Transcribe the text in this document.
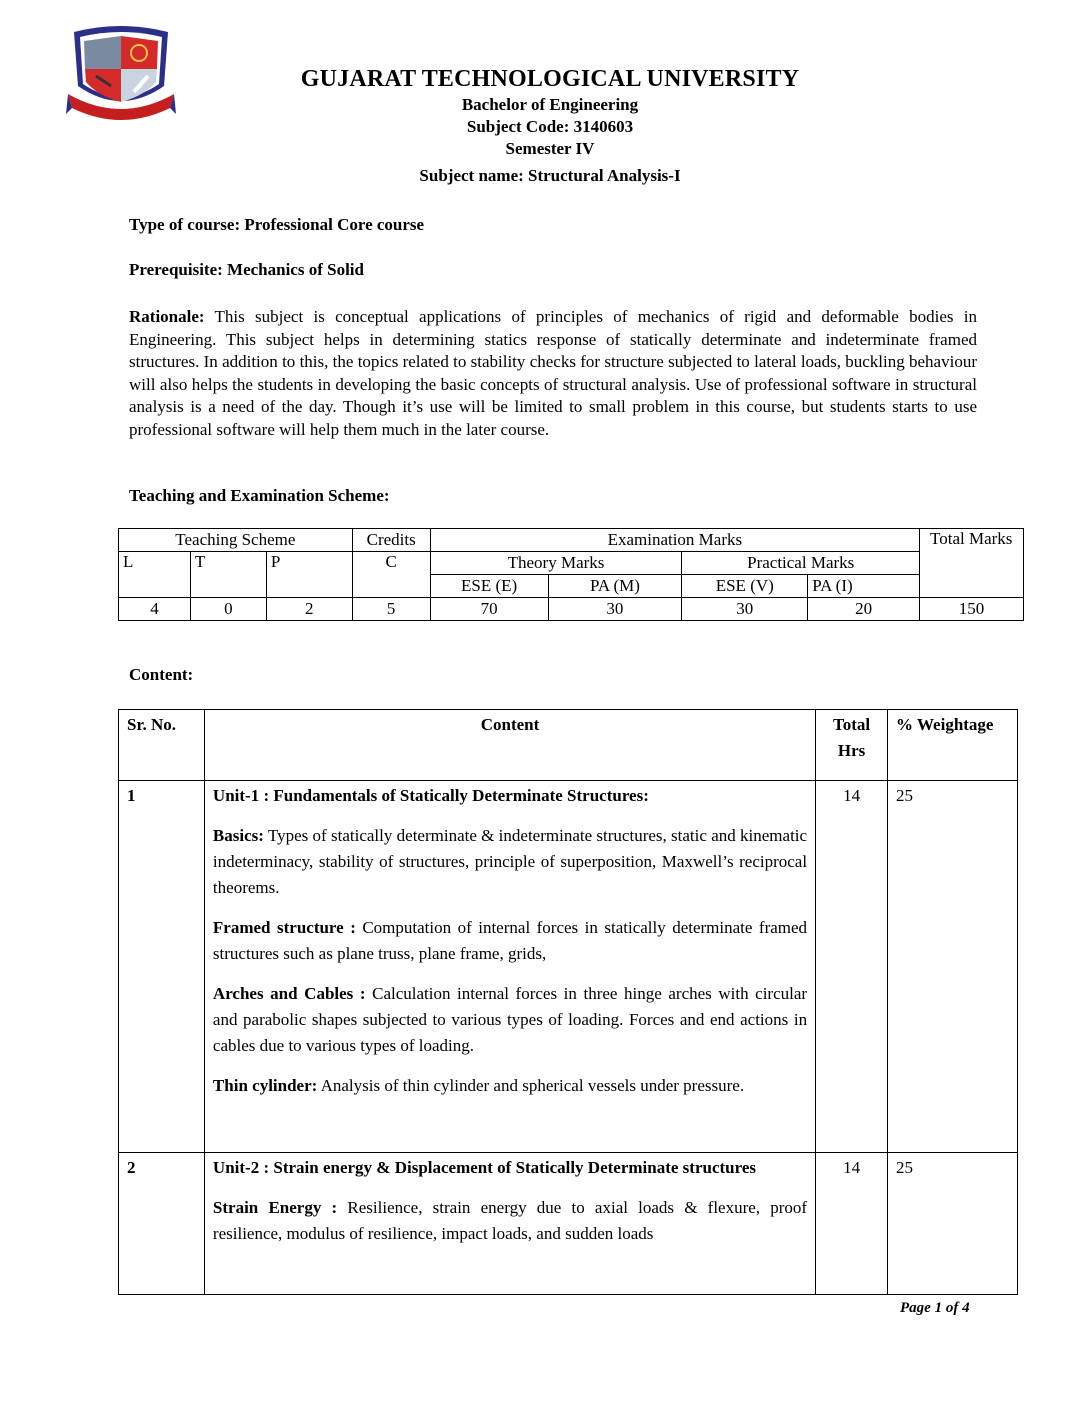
GUJARAT TECHNOLOGICAL UNIVERSITY
Bachelor of Engineering
Subject Code: 3140603
Semester IV
Subject name: Structural Analysis-I
Type of course: Professional Core course
Prerequisite: Mechanics of Solid
Rationale: This subject is conceptual applications of principles of mechanics of rigid and deformable bodies in Engineering. This subject helps in determining statics response of statically determinate and indeterminate framed structures. In addition to this, the topics related to stability checks for structure subjected to lateral loads, buckling behaviour will also helps the students in developing the basic concepts of structural analysis. Use of professional software in structural analysis is a need of the day. Though it’s use will be limited to small problem in this course, but students starts to use professional software will help them much in the later course.
Teaching and Examination Scheme:
Teaching Scheme			Credits	Examination Marks				Total Marks
L	T	P	C	Theory Marks		Practical Marks		
				ESE (E)	PA (M)	ESE (V)	PA (I)	
4	0	2	5	70	30	30	20	150
Content:
Sr. No.	Content	Total Hrs	% Weightage
1	Unit-1 : Fundamentals of Statically Determinate Structures:

Basics: Types of statically determinate & indeterminate structures, static and kinematic indeterminacy, stability of structures, principle of superposition, Maxwell’s reciprocal theorems.

Framed structure : Computation of internal forces in statically determinate framed structures such as plane truss, plane frame, grids,

Arches and Cables : Calculation internal forces in three hinge arches with circular and parabolic shapes subjected to various types of loading. Forces and end actions in cables due to various types of loading.

Thin cylinder: Analysis of thin cylinder and spherical vessels under pressure.	14	25
2	Unit-2 : Strain energy & Displacement of Statically Determinate structures

Strain Energy : Resilience, strain energy due to axial loads & flexure, proof resilience, modulus of resilience, impact loads, and sudden loads	14	25
Page 1 of 4
